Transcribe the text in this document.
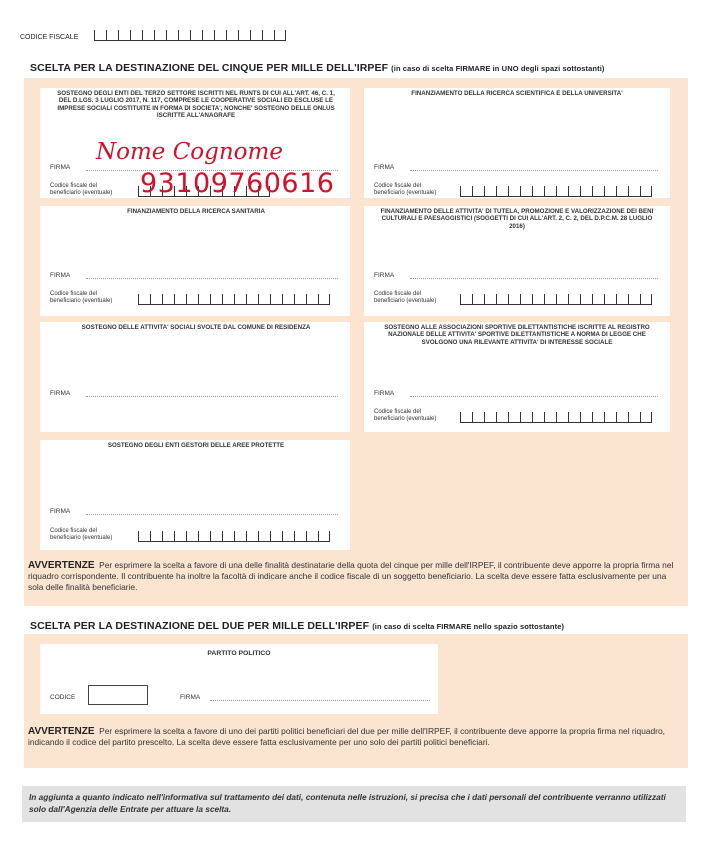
CODICE FISCALE
SCELTA PER LA DESTINAZIONE DEL CINQUE PER MILLE DELL'IRPEF (in caso di scelta FIRMARE in UNO degli spazi sottostanti)
SOSTEGNO DEGLI ENTI DEL TERZO SETTORE ISCRITTI NEL RUNTS DI CUI ALL'ART. 46, C. 1, DEL D.LGS. 3 LUGLIO 2017, N. 117, COMPRESE LE COOPERATIVE SOCIALI ED ESCLUSE LE IMPRESE SOCIALI COSTITUITE IN FORMA DI SOCIETA', NONCHE' SOSTEGNO DELLE ONLUS ISCRITTE ALL'ANAGRAFE
FIRMA
Codice fiscale del
beneficiario (eventuale)
Nome Cognome
93109760616
FINANZIAMENTO DELLA RICERCA SCIENTIFICA E DELLA UNIVERSITA'
FIRMA
Codice fiscale del
beneficiario (eventuale)
FINANZIAMENTO DELLA RICERCA SANITARIA
FIRMA
Codice fiscale del
beneficiario (eventuale)
FINANZIAMENTO DELLE ATTIVITA' DI TUTELA, PROMOZIONE E VALORIZZAZIONE DEI BENI CULTURALI E PAESAGGISTICI (SOGGETTI DI CUI ALL'ART. 2, C. 2, DEL D.P.C.M. 28 LUGLIO 2016)
FIRMA
Codice fiscale del
beneficiario (eventuale)
SOSTEGNO DELLE ATTIVITA' SOCIALI SVOLTE DAL COMUNE DI RESIDENZA
FIRMA
SOSTEGNO ALLE ASSOCIAZIONI SPORTIVE DILETTANTISTICHE ISCRITTE AL REGISTRO NAZIONALE DELLE ATTIVITA' SPORTIVE DILETTANTISTICHE A NORMA DI LEGGE CHE SVOLGONO UNA RILEVANTE ATTIVITA' DI INTERESSE SOCIALE
FIRMA
Codice fiscale del
beneficiario (eventuale)
SOSTEGNO DEGLI ENTI GESTORI DELLE AREE PROTETTE
FIRMA
Codice fiscale del
beneficiario (eventuale)
AVVERTENZE Per esprimere la scelta a favore di una delle finalità destinatarie della quota del cinque per mille dell'IRPEF, il contribuente deve apporre la propria firma nel riquadro corrispondente. Il contribuente ha inoltre la facoltà di indicare anche il codice fiscale di un soggetto beneficiario. La scelta deve essere fatta esclusivamente per una sola delle finalità beneficiarie.
SCELTA PER LA DESTINAZIONE DEL DUE PER MILLE DELL'IRPEF (in caso di scelta FIRMARE nello spazio sottostante)
PARTITO POLITICO
CODICE	FIRMA
AVVERTENZE Per esprimere la scelta a favore di uno dei partiti politici beneficiari del due per mille dell'IRPEF, il contribuente deve apporre la propria firma nel riquadro, indicando il codice del partito prescelto. La scelta deve essere fatta esclusivamente per uno solo dei partiti politici beneficiari.
In aggiunta a quanto indicato nell'informativa sul trattamento dei dati, contenuta nelle istruzioni, si precisa che i dati personali del contribuente verranno utilizzati solo dall'Agenzia delle Entrate per attuare la scelta.
